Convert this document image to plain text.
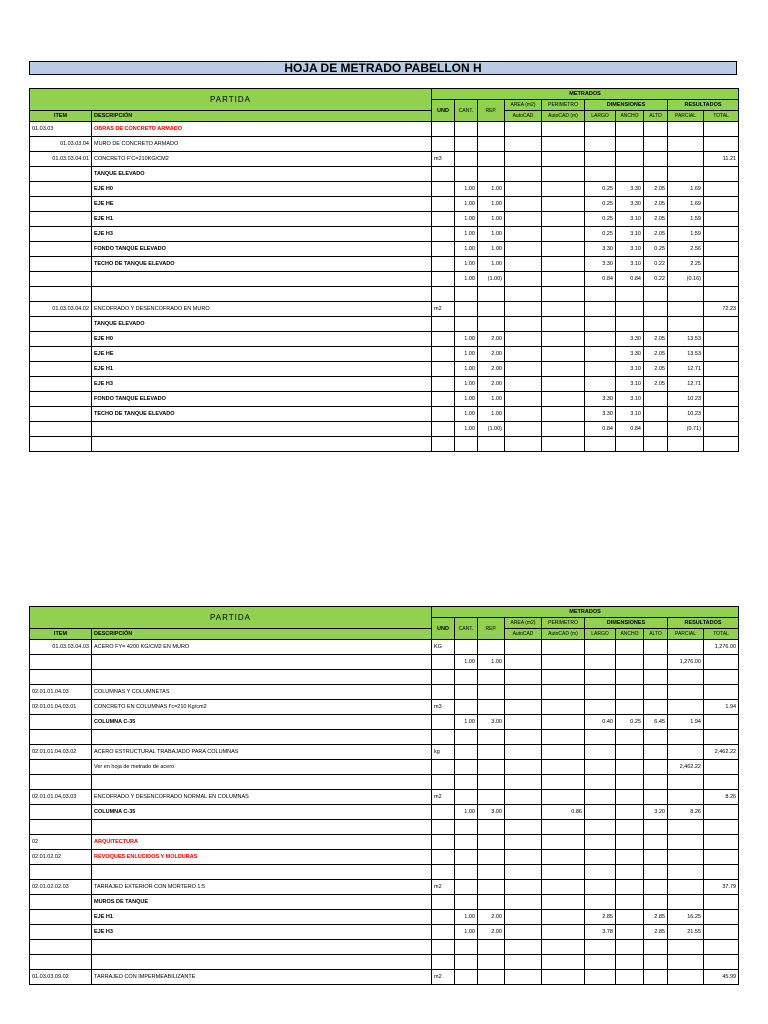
HOJA DE METRADO PABELLON H
PARTIDA		METRADOS									
		UND	CANT.	REP.	AREA (m2)	PERIMETRO	DIMENSIONES			RESULTADOS	
ITEM	DESCRIPCIÓN				AutoCAD	AutoCAD (m)	LARGO	ANCHO	ALTO	PARCIAL	TOTAL

01.03.03	OBRAS DE CONCRETO ARMADO										
01.03.03.04	MURO DE CONCRETO ARMADO										
01.03.03.04.01	CONCRETO F'C=210KG/CM2	m3									11.21
	TANQUE ELEVADO										
	EJE H0		1.00	1.00			0.25	3.30	2.05	1.69	
	EJE HE		1.00	1.00			0.25	3.30	2.05	1.69	
	EJE H1		1.00	1.00			0.25	3.10	2.05	1.59	
	EJE H3		1.00	1.00			0.25	3.10	2.05	1.59	
	FONDO TANQUE ELEVADO		1.00	1.00			3.30	3.10	0.25	2.56	
	TECHO DE TANQUE ELEVADO		1.00	1.00			3.30	3.10	0.22	2.25	
			1.00	(1.00)			0.84	0.84	0.22	(0.16)	

01.03.03.04.02	ENCOFRADO Y DESENCOFRADO EN MURO	m2									72.23
	TANQUE ELEVADO										
	EJE H0		1.00	2.00				3.30	2.05	13.53	
	EJE HE		1.00	2.00				3.30	2.05	13.53	
	EJE H1		1.00	2.00				3.10	2.05	12.71	
	EJE H3		1.00	2.00				3.10	2.05	12.71	
	FONDO TANQUE ELEVADO		1.00	1.00			3.30	3.10		10.23	
	TECHO DE TANQUE ELEVADO		1.00	1.00			3.30	3.10		10.23	
			1.00	(1.00)			0.84	0.84		(0.71)	

PARTIDA		METRADOS									
		UND	CANT.	REP.	AREA (m2)	PERIMETRO	DIMENSIONES			RESULTADOS	
ITEM	DESCRIPCIÓN				AutoCAD	AutoCAD (m)	LARGO	ANCHO	ALTO	PARCIAL	TOTAL

01.03.03.04.03	ACERO FY= 4200 KG/CM2 EN MURO	KG									1,276.00
			1.00	1.00						1,276.00	

02.01.01.04.03	COLUMNAS Y COLUMNETAS										
02.01.01.04.03.01	CONCRETO EN COLUMNAS f'c=210 Kg/cm2	m3									1.94
	COLUMNA C-35		1.00	3.00			0.40	0.25	6.45	1.94	

02.01.01.04.03.02	ACERO ESTRUCTURAL TRABAJADO PARA COLUMNAS	kg									2,462.22
	Ver en hoja de metrado de acero									2,462.22	

02.01.01.04.03.03	ENCOFRADO Y DESENCOFRADO NORMAL EN COLUMNAS	m2									8.26
	COLUMNA C-35		1.00	3.00		0.86			3.20	8.26	

02	ARQUITECTURA										
02.01.02.02	REVOQUES ENLUCIDOS Y MOLDURAS										

02.01.02.02.03	TARRAJEO EXTERIOR CON MORTERO 1:5	m2									37.79
	MUROS DE TANQUE										
	EJE H1		1.00	2.00			2.85		2.85	16.25	
	EJE H3		1.00	2.00			3.78		2.85	21.55	

01.03.03.09.02	TARRAJEO CON IMPERMEABILIZANTE	m2									45.99
